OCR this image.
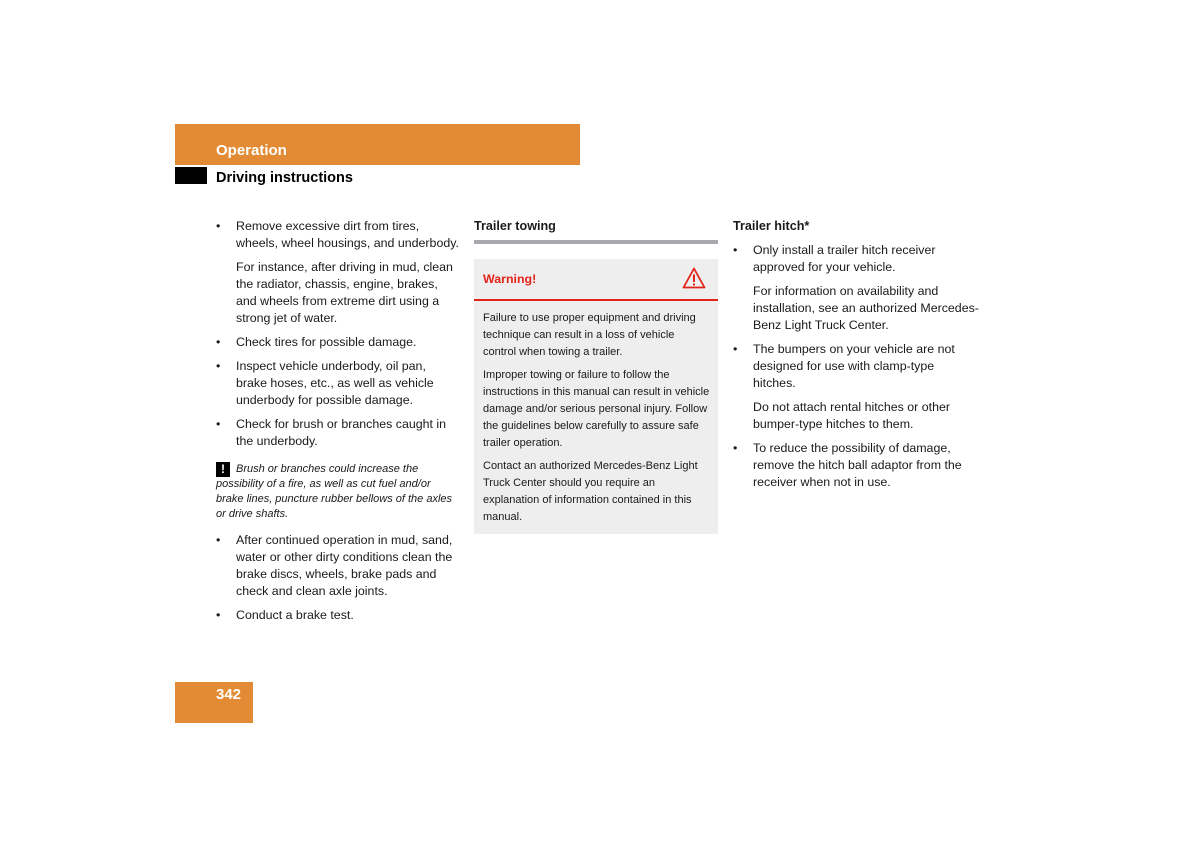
Operation
Driving instructions
• Remove excessive dirt from tires, wheels, wheel housings, and underbody.
For instance, after driving in mud, clean the radiator, chassis, engine, brakes, and wheels from extreme dirt using a strong jet of water.
• Check tires for possible damage.
• Inspect vehicle underbody, oil pan, brake hoses, etc., as well as vehicle underbody for possible damage.
• Check for brush or branches caught in the underbody.
! Brush or branches could increase the possibility of a fire, as well as cut fuel and/or brake lines, puncture rubber bellows of the axles or drive shafts.
• After continued operation in mud, sand, water or other dirty conditions clean the brake discs, wheels, brake pads and check and clean axle joints.
• Conduct a brake test.
Trailer towing
Warning!

Failure to use proper equipment and driving technique can result in a loss of vehicle control when towing a trailer.

Improper towing or failure to follow the instructions in this manual can result in vehicle damage and/or serious personal injury. Follow the guidelines below carefully to assure safe trailer operation.

Contact an authorized Mercedes-Benz Light Truck Center should you require an explanation of information contained in this manual.

Trailer hitch*
• Only install a trailer hitch receiver approved for your vehicle.
For information on availability and installation, see an authorized Mercedes-Benz Light Truck Center.
• The bumpers on your vehicle are not designed for use with clamp-type hitches.
Do not attach rental hitches or other bumper-type hitches to them.
• To reduce the possibility of damage, remove the hitch ball adaptor from the receiver when not in use.
342
